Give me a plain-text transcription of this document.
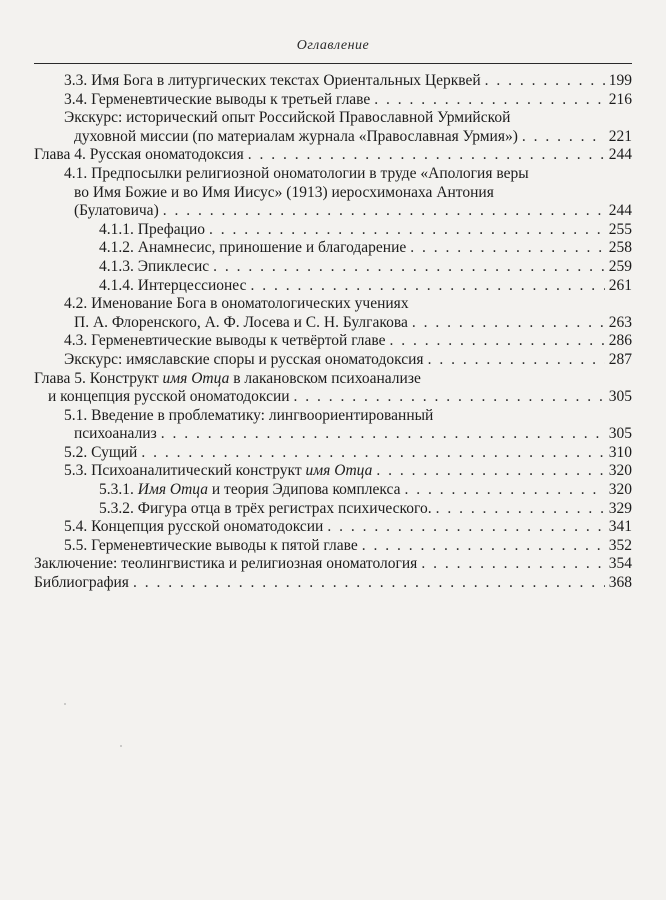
Оглавление
3.3. Имя Бога в литургических текстах Ориентальных Церквей . . .	199
3.4. Герменевтические выводы к третьей главе . . .	216
Экскурс: исторический опыт Российской Православной Урмийской
духовной миссии (по материалам журнала «Православная Урмия») . . .	221
Глава 4. Русская ономатодоксия . . .	244
4.1. Предпосылки религиозной ономатологии в труде «Апология веры
во Имя Божие и во Имя Иисус» (1913) иеросхимонаха Антония
(Булатовича) . . .	244
4.1.1. Префацио . . .	255
4.1.2. Анамнесис, приношение и благодарение . . .	258
4.1.3. Эпиклесис . . .	259
4.1.4. Интерцессионес . . .	261
4.2. Именование Бога в ономатологических учениях
П. А. Флоренского, А. Ф. Лосева и С. Н. Булгакова . . .	263
4.3. Герменевтические выводы к четвёртой главе . . .	286
Экскурс: имяславские споры и русская ономатодоксия . . .	287
Глава 5. Конструкт имя Отца в лакановском психоанализе
и концепция русской ономатодоксии . . .	305
5.1. Введение в проблематику: лингвоориентированный
психоанализ . . .	305
5.2. Сущий . . .	310
5.3. Психоаналитический конструкт имя Отца . . .	320
5.3.1. Имя Отца и теория Эдипова комплекса . . .	320
5.3.2. Фигура отца в трёх регистрах психического. . . .	329
5.4. Концепция русской ономатодоксии . . .	341
5.5. Герменевтические выводы к пятой главе . . .	352
Заключение: теолингвистика и религиозная ономатология . . .	354
Библиография . . .	368
